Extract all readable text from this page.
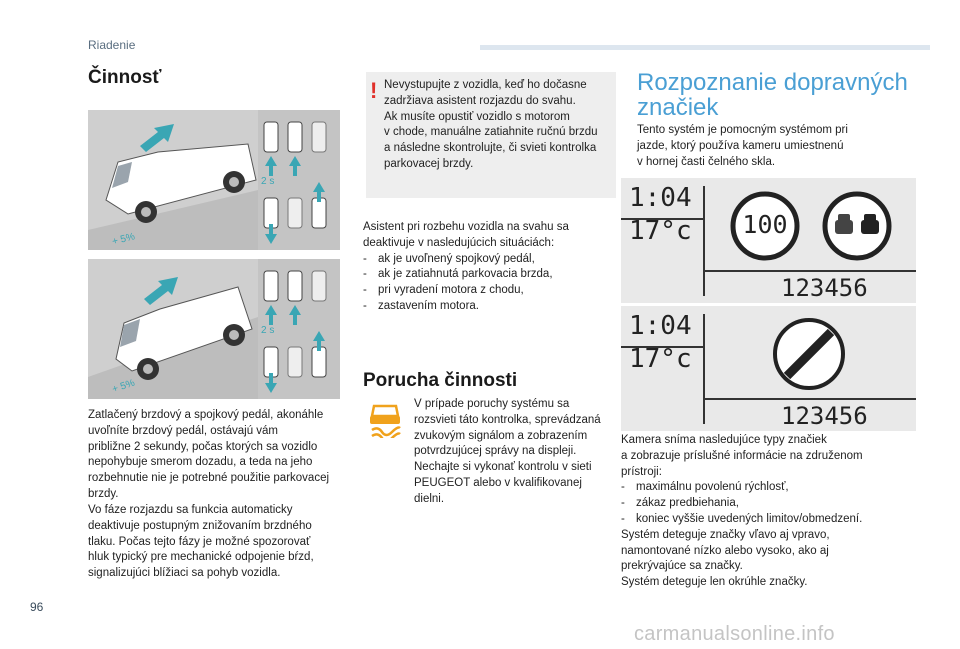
Riadenie
Činnosť
2 s
+ 5%
2 s
+ 5%
Zatlačený brzdový a spojkový pedál, akonáhle
uvoľníte brzdový pedál, ostávajú vám
približne 2 sekundy, počas ktorých sa vozidlo
nepohybuje smerom dozadu, a teda na jeho
rozbehnutie nie je potrebné použitie parkovacej
brzdy.
Vo fáze rozjazdu sa funkcia automaticky
deaktivuje postupným znižovaním brzdného
tlaku. Počas tejto fázy je možné spozorovať
hluk typický pre mechanické odpojenie bŕzd,
signalizujúci blížiaci sa pohyb vozidla.
! Nevystupujte z vozidla, keď ho dočasne
zadržiava asistent rozjazdu do svahu.
Ak musíte opustiť vozidlo s motorom
v chode, manuálne zatiahnite ručnú brzdu
a následne skontrolujte, či svieti kontrolka
parkovacej brzdy.
Asistent pri rozbehu vozidla na svahu sa
deaktivuje v nasledujúcich situáciách:
- ak je uvoľnený spojkový pedál,
- ak je zatiahnutá parkovacia brzda,
- pri vyradení motora z chodu,
- zastavením motora.
Porucha činnosti
V prípade poruchy systému sa
rozsvieti táto kontrolka, sprevádzaná
zvukovým signálom a zobrazením
potvrdzujúcej správy na displeji.
Nechajte si vykonať kontrolu v sieti
PEUGEOT alebo v kvalifikovanej
dielni.
Rozpoznanie dopravných
značiek
Tento systém je pomocným systémom pri
jazde, ktorý používa kameru umiestnenú
v hornej časti čelného skla.
1:04
17°c	100
123456
1:04
17°c
123456
Kamera sníma nasledujúce typy značiek
a zobrazuje príslušné informácie na združenom
prístroji:
- maximálnu povolenú rýchlosť,
- zákaz predbiehania,
- koniec vyššie uvedených limitov/obmedzení.
Systém deteguje značky vľavo aj vpravo,
namontované nízko alebo vysoko, ako aj
prekrývajúce sa značky.
Systém deteguje len okrúhle značky.
96
carmanualsonline.info
